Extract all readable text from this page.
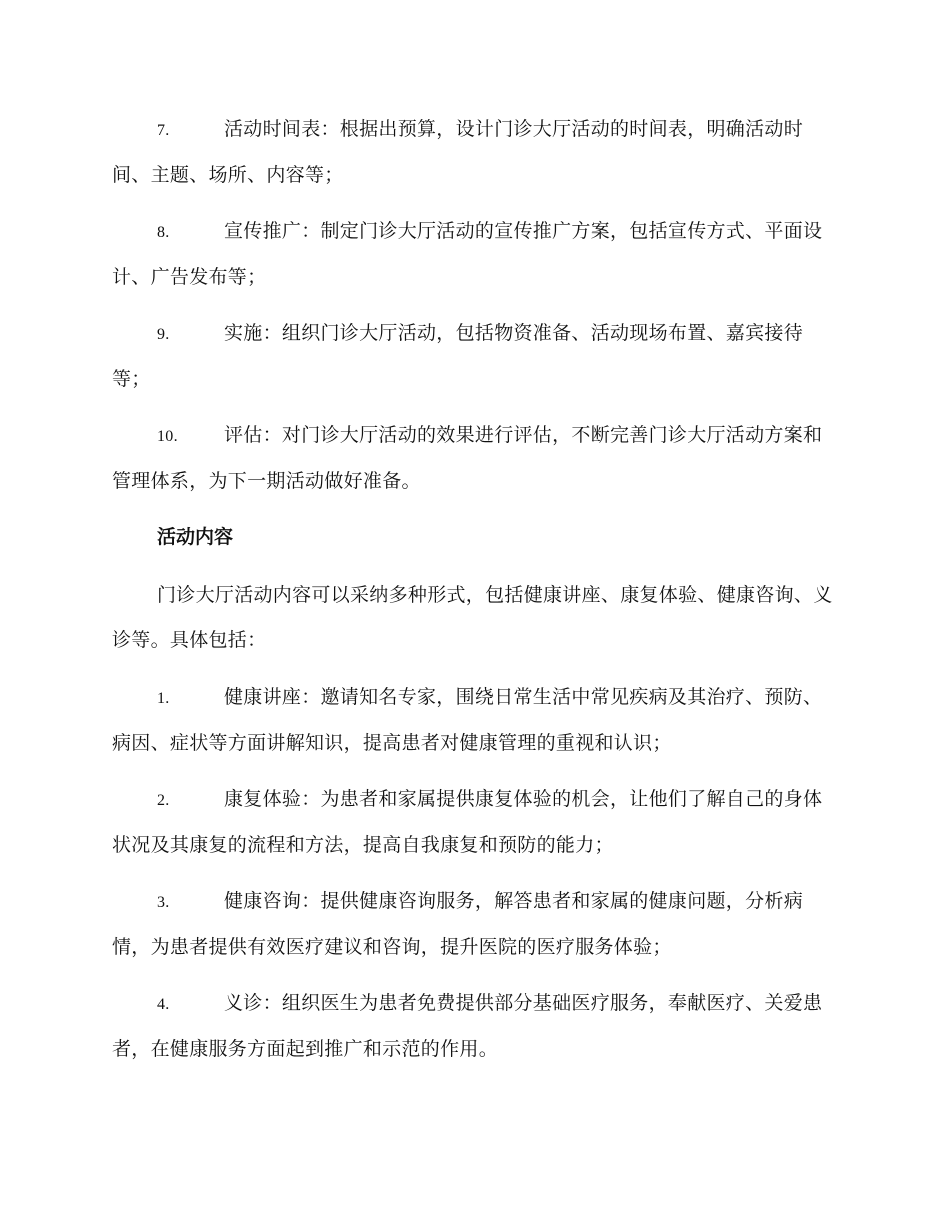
7.	活动时间表：根据出预算，设计门诊大厅活动的时间表，明确活动时间、主题、场所、内容等；

8.	宣传推广：制定门诊大厅活动的宣传推广方案，包括宣传方式、平面设计、广告发布等；

9.	实施：组织门诊大厅活动，包括物资准备、活动现场布置、嘉宾接待等；

10. 评估：对门诊大厅活动的效果进行评估，不断完善门诊大厅活动方案和管理体系，为下一期活动做好准备。

活动内容

门诊大厅活动内容可以采纳多种形式，包括健康讲座、康复体验、健康咨询、义诊等。具体包括：

1.	健康讲座：邀请知名专家，围绕日常生活中常见疾病及其治疗、预防、病因、症状等方面讲解知识，提高患者对健康管理的重视和认识；

2.	康复体验：为患者和家属提供康复体验的机会，让他们了解自己的身体状况及其康复的流程和方法，提高自我康复和预防的能力；

3.	健康咨询：提供健康咨询服务，解答患者和家属的健康问题，分析病情，为患者提供有效医疗建议和咨询，提升医院的医疗服务体验；

4.	义诊：组织医生为患者免费提供部分基础医疗服务，奉献医疗、关爱患者，在健康服务方面起到推广和示范的作用。
